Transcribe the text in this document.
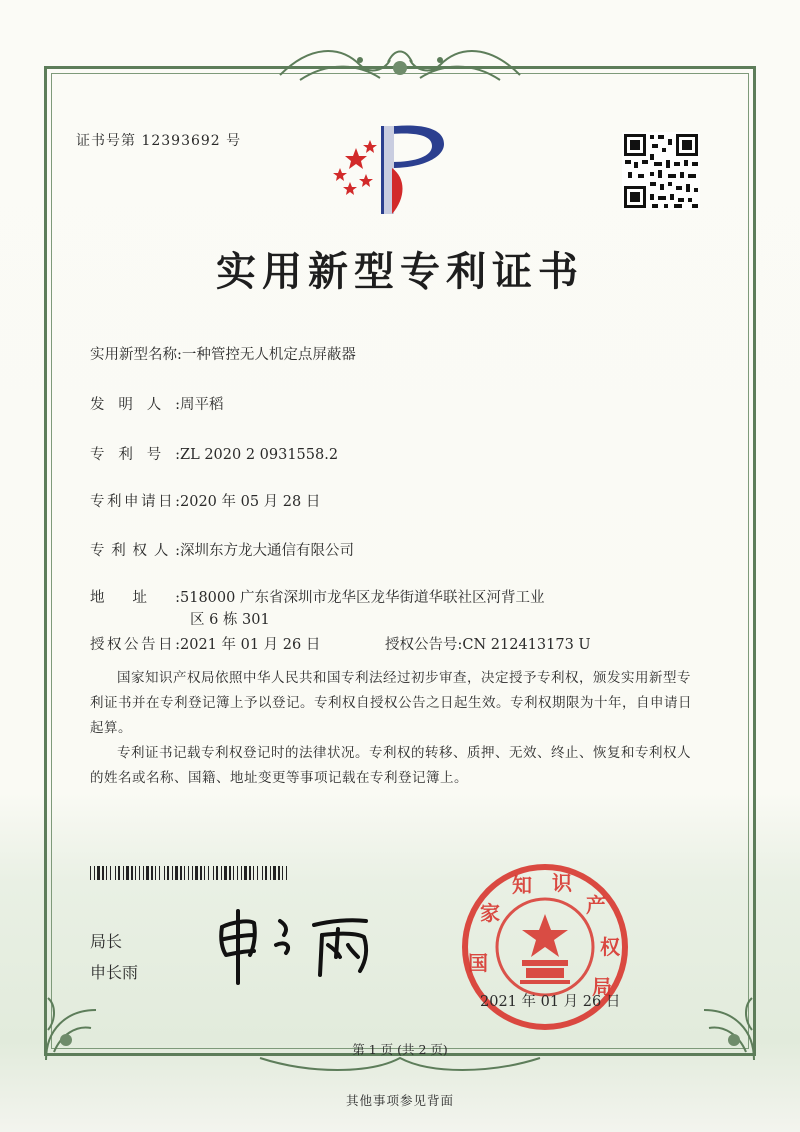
证书号第 12393692 号
实用新型专利证书
实用新型名称:一种管控无人机定点屏蔽器
发明人:周平稻
专利号:ZL 2020 2 0931558.2
专利申请日:2020 年 05 月 28 日
专利权人:深圳东方龙大通信有限公司
地址:518000 广东省深圳市龙华区龙华街道华联社区河背工业
区 6 栋 301
授权公告日:2021 年 01 月 26 日	授权公告号:CN 212413173 U
国家知识产权局依照中华人民共和国专利法经过初步审查，决定授予专利权，颁发实用新型专利证书并在专利登记簿上予以登记。专利权自授权公告之日起生效。专利权期限为十年，自申请日起算。
专利证书记载专利权登记时的法律状况。专利权的转移、质押、无效、终止、恢复和专利权人的姓名或名称、国籍、地址变更等事项记载在专利登记簿上。
局长
申长雨	国
家
知 识
产
权
局
2021 年 01 月 26 日
第 1 页 (共 2 页)
其他事项参见背面
